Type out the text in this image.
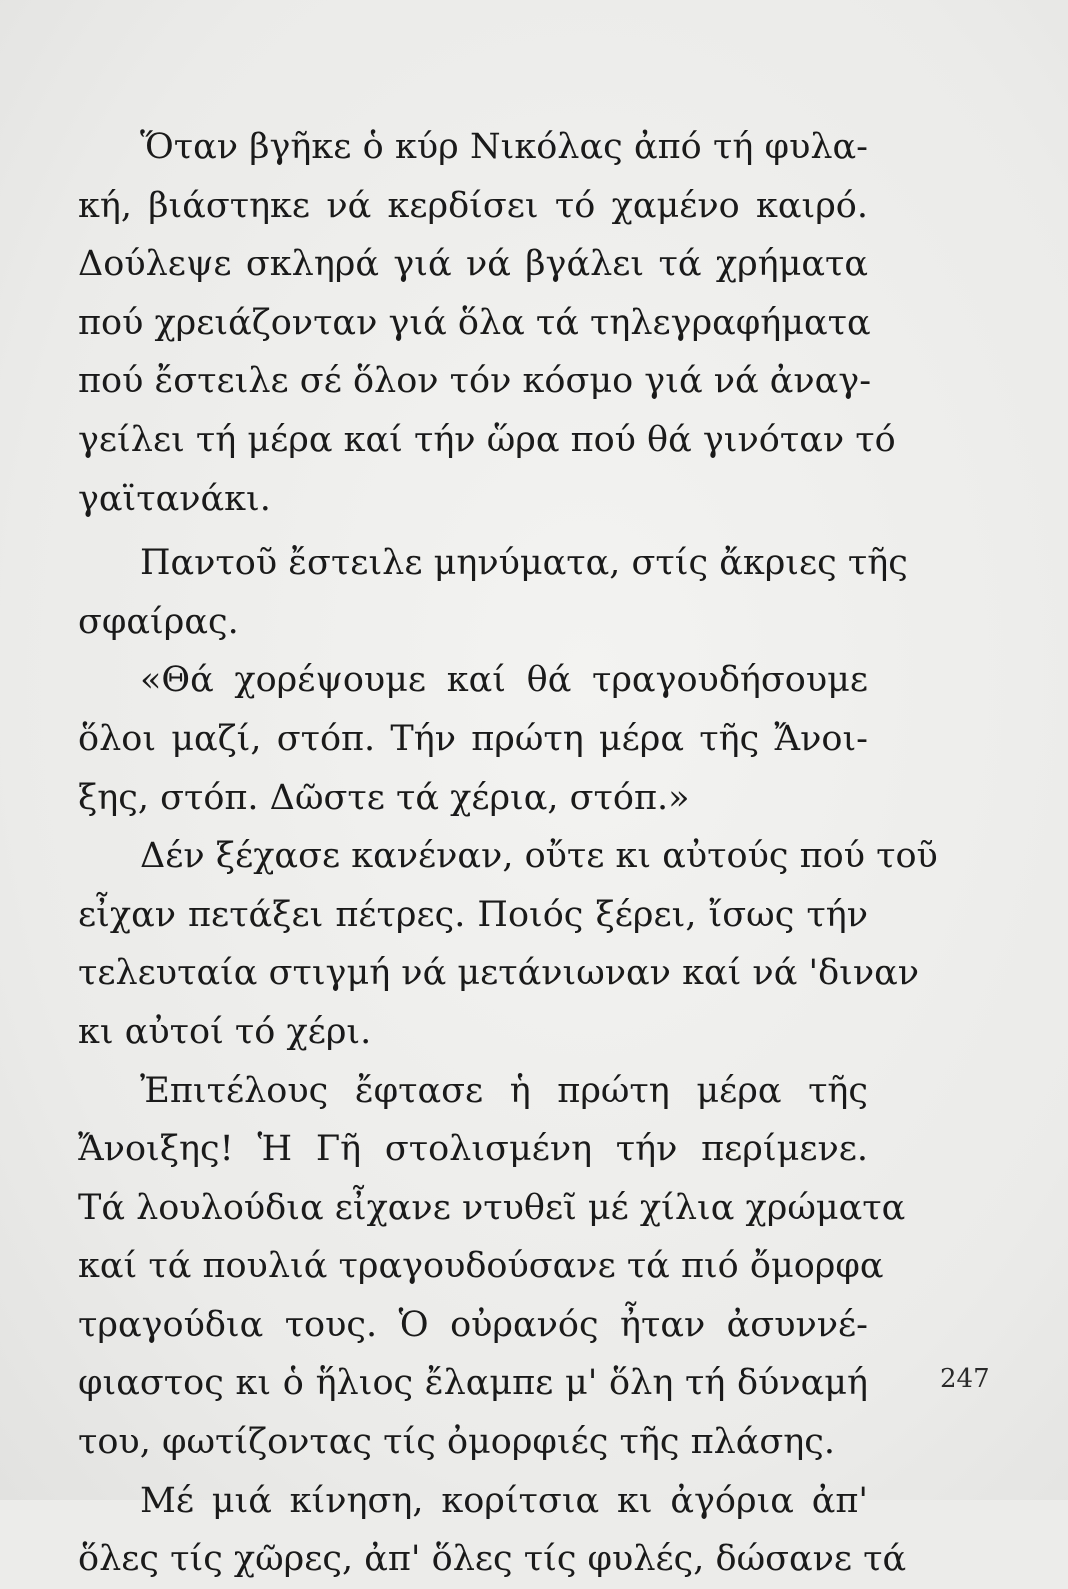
Ὅταν βγῆκε ὁ κύρ Νικόλας ἀπό τή φυλα-
κή, βιάστηκε νά κερδίσει τό χαμένο καιρό.
Δούλεψε σκληρά γιά νά βγάλει τά χρήματα
πού χρειάζονταν γιά ὅλα τά τηλεγραφήματα
πού ἔστειλε σέ ὅλον τόν κόσμο γιά νά ἀναγ-
γείλει τή μέρα καί τήν ὥρα πού θά γινόταν τό
γαϊτανάκι.
Παντοῦ ἔστειλε μηνύματα, στίς ἄκριες τῆς
σφαίρας.
«Θά χορέψουμε καί θά τραγουδήσουμε
ὅλοι μαζί, στόπ. Τήν πρώτη μέρα τῆς Ἄνοι-
ξης, στόπ. Δῶστε τά χέρια, στόπ.»
Δέν ξέχασε κανέναν, οὔτε κι αὐτούς πού τοῦ
εἶχαν πετάξει πέτρες. Ποιός ξέρει, ἴσως τήν
τελευταία στιγμή νά μετάνιωναν καί νά 'διναν
κι αὐτοί τό χέρι.
Ἐπιτέλους ἔφτασε ἡ πρώτη μέρα τῆς
Ἄνοιξης! Ἡ Γῆ στολισμένη τήν περίμενε.
Τά λουλούδια εἶχανε ντυθεῖ μέ χίλια χρώματα
καί τά πουλιά τραγουδούσανε τά πιό ὄμορφα
τραγούδια τους. Ὁ οὐρανός ἦταν ἀσυννέ-
φιαστος κι ὁ ἥλιος ἔλαμπε μ' ὅλη τή δύναμή
του, φωτίζοντας τίς ὀμορφιές τῆς πλάσης.
Μέ μιά κίνηση, κορίτσια κι ἀγόρια ἀπ'
ὅλες τίς χῶρες, ἀπ' ὅλες τίς φυλές, δώσανε τά
247
